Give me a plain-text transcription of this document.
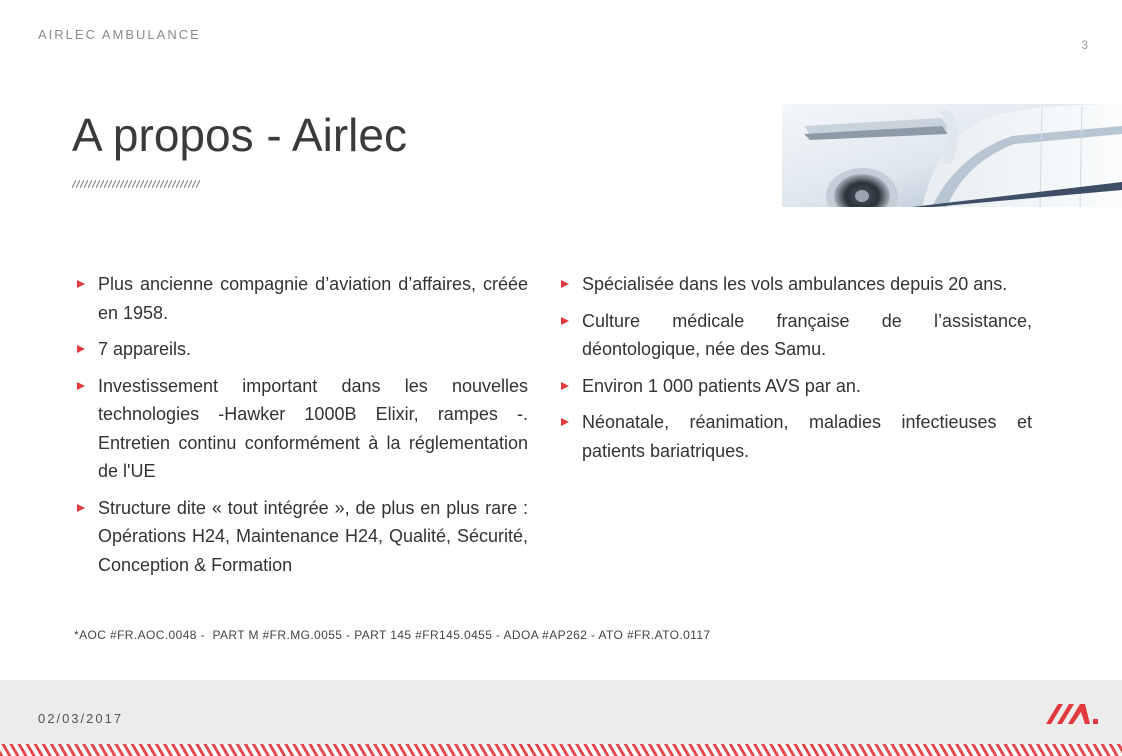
AIRLEC AMBULANCE
3
A propos - Airlec
Plus ancienne compagnie d’aviation d’affaires, créée en 1958.
7 appareils.
Investissement important dans les nouvelles technologies -Hawker 1000B Elixir, rampes -. Entretien continu conformément à la réglementation de l'UE
Structure dite « tout intégrée », de plus en plus rare : Opérations H24, Maintenance H24, Qualité, Sécurité, Conception & Formation
Spécialisée dans les vols ambulances depuis 20 ans.
Culture médicale française de l’assistance, déontologique, née des Samu.
Environ 1 000 patients AVS par an.
Néonatale, réanimation, maladies infectieuses et patients bariatriques.
*AOC #FR.AOC.0048 -  PART M #FR.MG.0055 - PART 145 #FR145.0455 - ADOA #AP262 - ATO #FR.ATO.0117
02/03/2017
